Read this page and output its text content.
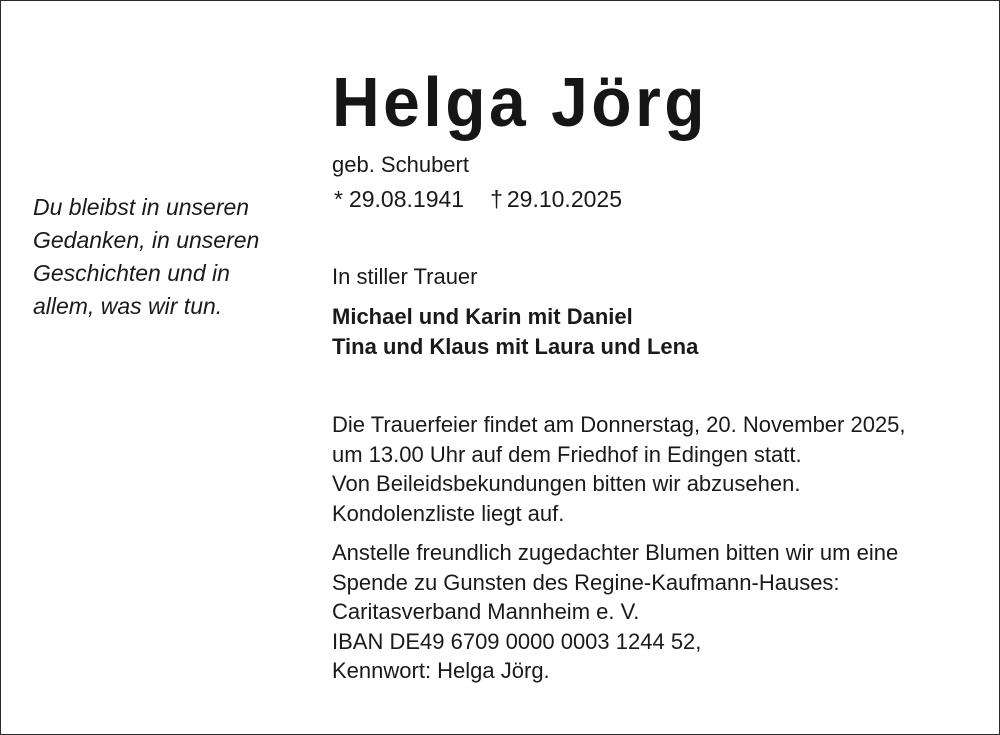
Du bleibst in unseren
Gedanken, in unseren
Geschichten und in
allem, was wir tun.
Helga Jörg
geb. Schubert
* 29.08.1941 † 29.10.2025
In stiller Trauer
Michael und Karin mit Daniel
Tina und Klaus mit Laura und Lena
Die Trauerfeier findet am Donnerstag, 20. November 2025,
um 13.00 Uhr auf dem Friedhof in Edingen statt.
Von Beileidsbekundungen bitten wir abzusehen.
Kondolenzliste liegt auf.
Anstelle freundlich zugedachter Blumen bitten wir um eine
Spende zu Gunsten des Regine-Kaufmann-Hauses:
Caritasverband Mannheim e. V.
IBAN DE49 6709 0000 0003 1244 52,
Kennwort: Helga Jörg.
